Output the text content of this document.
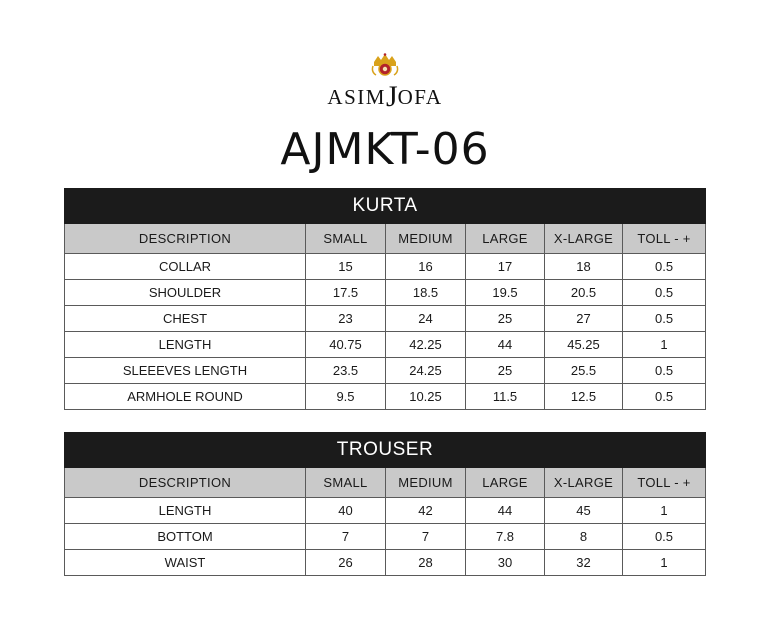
ASIMJOFA
AJMKT-06
KURTA					
DESCRIPTION	SMALL	MEDIUM	LARGE	X-LARGE	TOLL - +
COLLAR	15	16	17	18	0.5
SHOULDER	17.5	18.5	19.5	20.5	0.5
CHEST	23	24	25	27	0.5
LENGTH	40.75	42.25	44	45.25	1
SLEEEVES LENGTH	23.5	24.25	25	25.5	0.5
ARMHOLE ROUND	9.5	10.25	11.5	12.5	0.5
TROUSER					
DESCRIPTION	SMALL	MEDIUM	LARGE	X-LARGE	TOLL - +
LENGTH	40	42	44	45	1
BOTTOM	7	7	7.8	8	0.5
WAIST	26	28	30	32	1
